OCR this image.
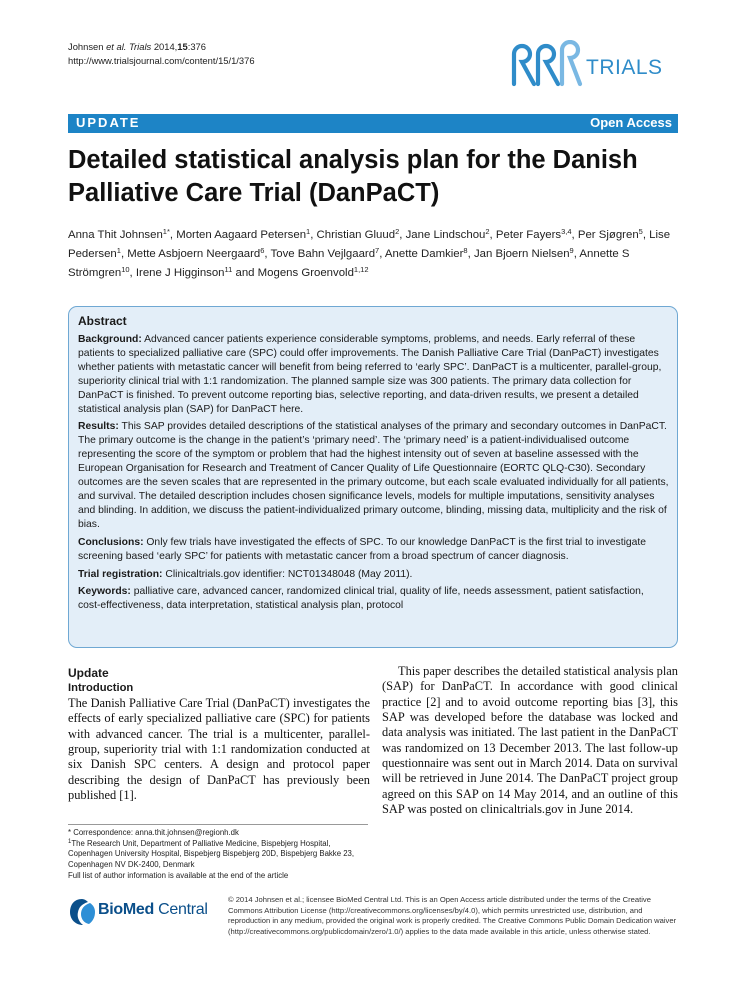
Johnsen et al. Trials 2014,15:376
http://www.trialsjournal.com/content/15/1/376	TRIALS
UPDATE	Open Access
Detailed statistical analysis plan for the Danish Palliative Care Trial (DanPaCT)
Anna Thit Johnsen$^{1*}$, Morten Aagaard Petersen$^1$, Christian Gluud$^2$, Jane Lindschou$^2$, Peter Fayers$^{3,4}$, Per Sjøgren$^5$, Lise Pedersen$^1$, Mette Asbjoern Neergaard$^6$, Tove Bahn Vejlgaard$^7$, Anette Damkier$^8$, Jan Bjoern Nielsen$^9$, Annette S Strömgren$^{10}$, Irene J Higginson$^{11}$ and Mogens Groenvold$^{1,12}$
Abstract

Background: Advanced cancer patients experience considerable symptoms, problems, and needs. Early referral of these patients to specialized palliative care (SPC) could offer improvements. The Danish Palliative Care Trial (DanPaCT) investigates whether patients with metastatic cancer will benefit from being referred to ‘early SPC’. DanPaCT is a multicenter, parallel-group, superiority clinical trial with 1:1 randomization. The planned sample size was 300 patients. The primary data collection for DanPaCT is finished. To prevent outcome reporting bias, selective reporting, and data-driven results, we present a detailed statistical analysis plan (SAP) for DanPaCT here.

Results: This SAP provides detailed descriptions of the statistical analyses of the primary and secondary outcomes in DanPaCT. The primary outcome is the change in the patient’s ‘primary need’. The ‘primary need’ is a patient-individualised outcome representing the score of the symptom or problem that had the highest intensity out of seven at baseline assessed with the European Organisation for Research and Treatment of Cancer Quality of Life Questionnaire (EORTC QLQ-C30). Secondary outcomes are the seven scales that are represented in the primary outcome, but each scale evaluated individually for all patients, and survival. The detailed description includes chosen significance levels, models for multiple imputations, sensitivity analyses and blinding. In addition, we discuss the patient-individualized primary outcome, blinding, missing data, multiplicity and the risk of bias.

Conclusions: Only few trials have investigated the effects of SPC. To our knowledge DanPaCT is the first trial to investigate screening based ‘early SPC’ for patients with metastatic cancer from a broad spectrum of cancer diagnosis.

Trial registration: Clinicaltrials.gov identifier: NCT01348048 (May 2011).

Keywords: palliative care, advanced cancer, randomized clinical trial, quality of life, needs assessment, patient satisfaction, cost-effectiveness, data interpretation, statistical analysis plan, protocol

Update
Introduction

The Danish Palliative Care Trial (DanPaCT) investigates the effects of early specialized palliative care (SPC) for patients with advanced cancer. The trial is a multicenter, parallel-group, superiority trial with 1:1 randomization conducted at six Danish SPC centers. A design and protocol paper describing the design of DanPaCT has previously been published [1].

This paper describes the detailed statistical analysis plan (SAP) for DanPaCT. In accordance with good clinical practice [2] and to avoid outcome reporting bias [3], this SAP was developed before the database was locked and data analysis was initiated. The last patient in the DanPaCT was randomized on 13 December 2013. The last follow-up questionnaire was sent out in March 2014. Data on survival will be retrieved in June 2014. The DanPaCT project group agreed on this SAP on 14 May 2014, and an outline of this SAP was posted on clinicaltrials.gov in June 2014.

* Correspondence: anna.thit.johnsen@regionh.dk
$^1$The Research Unit, Department of Palliative Medicine, Bispebjerg Hospital, Copenhagen University Hospital, Bispebjerg Bispebjerg 20D, Bispebjerg Bakke 23, Copenhagen NV DK-2400, Denmark
Full list of author information is available at the end of the article
BioMed Central
© 2014 Johnsen et al.; licensee BioMed Central Ltd. This is an Open Access article distributed under the terms of the Creative Commons Attribution License (http://creativecommons.org/licenses/by/4.0), which permits unrestricted use, distribution, and reproduction in any medium, provided the original work is properly credited. The Creative Commons Public Domain Dedication waiver (http://creativecommons.org/publicdomain/zero/1.0/) applies to the data made available in this article, unless otherwise stated.
